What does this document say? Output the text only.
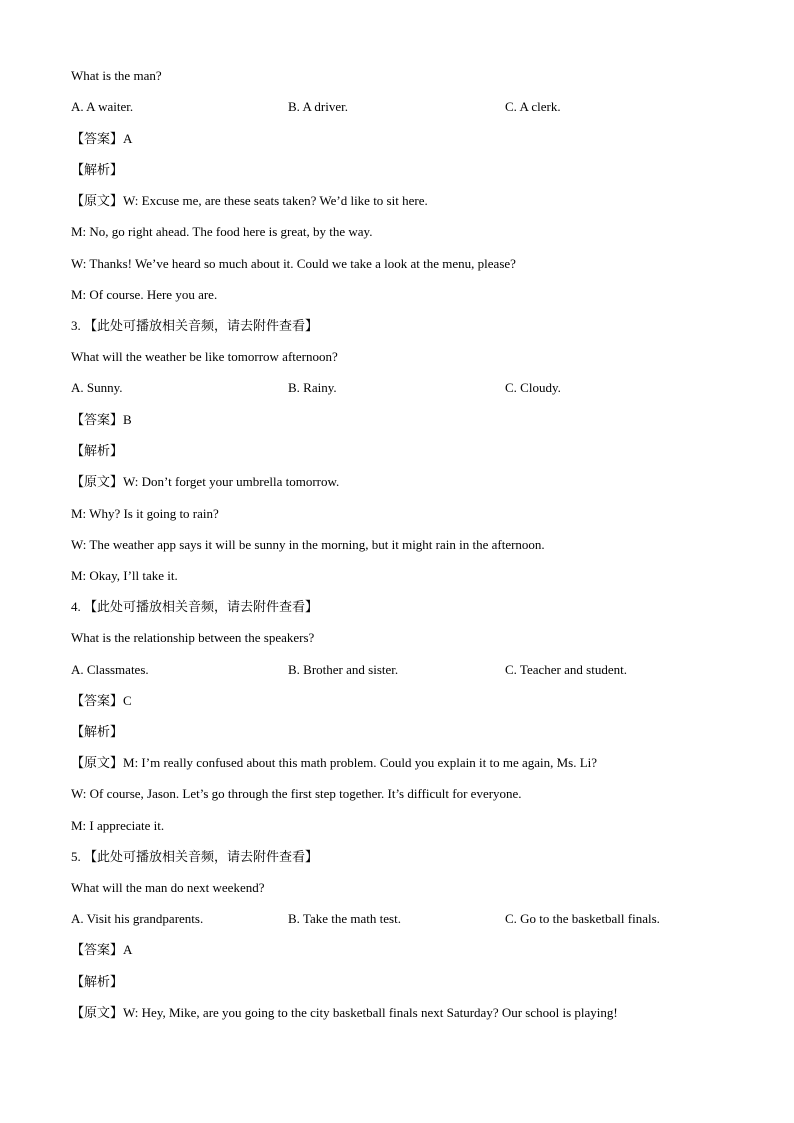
What is the man?
A. A waiter.	B. A driver.	C. A clerk.
【答案】A
【解析】
【原文】W: Excuse me, are these seats taken? We’d like to sit here.
M: No, go right ahead. The food here is great, by the way.
W: Thanks! We’ve heard so much about it. Could we take a look at the menu, please?
M: Of course. Here you are.
3. 【此处可播放相关音频，请去附件查看】
What will the weather be like tomorrow afternoon?
A. Sunny.	B. Rainy.	C. Cloudy.
【答案】B
【解析】
【原文】W: Don’t forget your umbrella tomorrow.
M: Why? Is it going to rain?
W: The weather app says it will be sunny in the morning, but it might rain in the afternoon.
M: Okay, I’ll take it.
4. 【此处可播放相关音频，请去附件查看】
What is the relationship between the speakers?
A. Classmates.	B. Brother and sister.	C. Teacher and student.
【答案】C
【解析】
【原文】M: I’m really confused about this math problem. Could you explain it to me again, Ms. Li?
W: Of course, Jason. Let’s go through the first step together. It’s difficult for everyone.
M: I appreciate it.
5. 【此处可播放相关音频，请去附件查看】
What will the man do next weekend?
A. Visit his grandparents.	B. Take the math test.	C. Go to the basketball finals.
【答案】A
【解析】
【原文】W: Hey, Mike, are you going to the city basketball finals next Saturday? Our school is playing!
